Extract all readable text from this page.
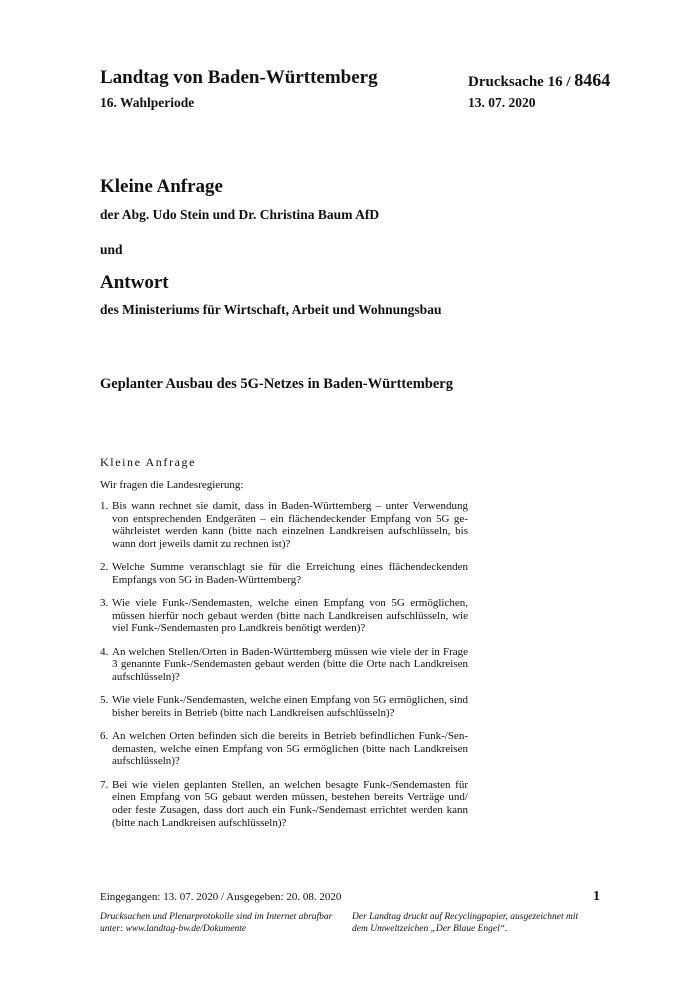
Landtag von Baden-Württemberg	Drucksache 16 / 8464
16. Wahlperiode	13. 07. 2020
Kleine Anfrage
der Abg. Udo Stein und Dr. Christina Baum AfD
und
Antwort
des Ministeriums für Wirtschaft, Arbeit und Wohnungsbau
Geplanter Ausbau des 5G-Netzes in Baden-Württemberg
Kleine Anfrage
Wir fragen die Landesregierung:
1. Bis wann rechnet sie damit, dass in Baden-Württemberg – unter Verwendung von entsprechenden Endgeräten – ein flächendeckender Empfang von 5G gewährleistet werden kann (bitte nach einzelnen Landkreisen aufschlüsseln, bis wann dort jeweils damit zu rechnen ist)?
2. Welche Summe veranschlagt sie für die Erreichung eines flächendeckenden Empfangs von 5G in Baden-Württemberg?
3. Wie viele Funk-/Sendemasten, welche einen Empfang von 5G ermöglichen, müssen hierfür noch gebaut werden (bitte nach Landkreisen aufschlüsseln, wie viel Funk-/Sendemasten pro Landkreis benötigt werden)?
4. An welchen Stellen/Orten in Baden-Württemberg müssen wie viele der in Frage 3 genannte Funk-/Sendemasten gebaut werden (bitte die Orte nach Landkreisen aufschlüsseln)?
5. Wie viele Funk-/Sendemasten, welche einen Empfang von 5G ermöglichen, sind bisher bereits in Betrieb (bitte nach Landkreisen aufschlüsseln)?
6. An welchen Orten befinden sich die bereits in Betrieb befindlichen Funk-/Sendemasten, welche einen Empfang von 5G ermöglichen (bitte nach Landkreisen aufschlüsseln)?
7. Bei wie vielen geplanten Stellen, an welchen besagte Funk-/Sendemasten für einen Empfang von 5G gebaut werden müssen, bestehen bereits Verträge und/ oder feste Zusagen, dass dort auch ein Funk-/Sendemast errichtet werden kann (bitte nach Landkreisen aufschlüsseln)?
Eingegangen: 13. 07. 2020 / Ausgegeben: 20. 08. 2020	1
Drucksachen und Plenarprotokolle sind im Internet abrufbar unter: www.landtag-bw.de/Dokumente
Der Landtag druckt auf Recyclingpapier, ausgezeichnet mit dem Umweltzeichen „Der Blaue Engel“.
